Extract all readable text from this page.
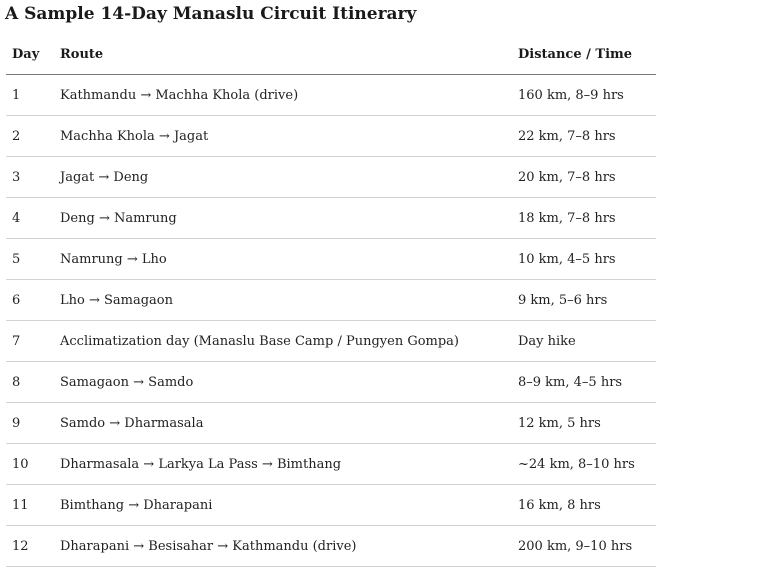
A Sample 14-Day Manaslu Circuit Itinerary
Day	Route	Distance / Time
1	Kathmandu → Machha Khola (drive)	160 km, 8–9 hrs
2	Machha Khola → Jagat	22 km, 7–8 hrs
3	Jagat → Deng	20 km, 7–8 hrs
4	Deng → Namrung	18 km, 7–8 hrs
5	Namrung → Lho	10 km, 4–5 hrs
6	Lho → Samagaon	9 km, 5–6 hrs
7	Acclimatization day (Manaslu Base Camp / Pungyen Gompa)	Day hike
8	Samagaon → Samdo	8–9 km, 4–5 hrs
9	Samdo → Dharmasala	12 km, 5 hrs
10	Dharmasala → Larkya La Pass → Bimthang	~24 km, 8–10 hrs
11	Bimthang → Dharapani	16 km, 8 hrs
12	Dharapani → Besisahar → Kathmandu (drive)	200 km, 9–10 hrs
